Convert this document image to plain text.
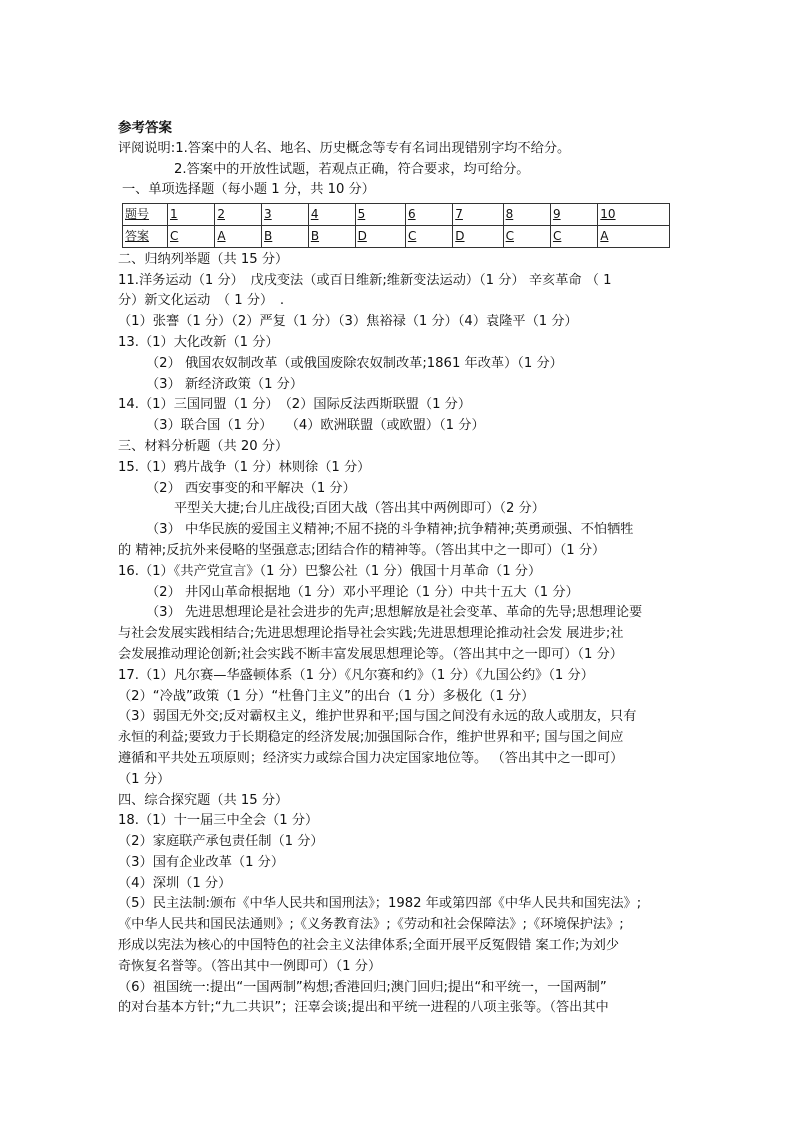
参考答案
评阅说明:1.答案中的人名、地名、历史概念等专有名词出现错别字均不给分。
2.答案中的开放性试题，若观点正确，符合要求，均可给分。
一、单项选择题（每小题 1 分，共 10 分）
题号	1	2	3	4	5	6	7	8	9	10
答案	C	A	B	B	D	C	D	C	C	A
二、归纳列举题（共 15 分）
11.洋务运动（1 分）　戊戌变法（或百日维新;维新变法运动）（1 分） 辛亥革命 （ 1
分）新文化运动　（ 1 分）　.
（1）张謇（1 分）（2）严复（1 分）（3）焦裕禄（1 分）（4）袁隆平（1 分）
13.（1）大化改新（1 分）
（2） 俄国农奴制改革（或俄国废除农奴制改革;1861 年改革）（1 分）
（3） 新经济政策（1 分）
14.（1）三国同盟（1 分）　（2）国际反法西斯联盟（1 分）
（3）联合国（1 分）　　（4）欧洲联盟（或欧盟）（1 分）
三、材料分析题（共 20 分）
15.（1）鸦片战争（1 分）林则徐（1 分）
（2） 西安事变的和平解决（1 分）
平型关大捷;台儿庄战役;百团大战（答出其中两例即可）（2 分）
（3） 中华民族的爱国主义精神;不屈不挠的斗争精神;抗争精神;英勇顽强、不怕牺牲
的 精神;反抗外来侵略的坚强意志;团结合作的精神等。（答出其中之一即可）（1 分）
16.（1）《共产党宣言》（1 分）巴黎公社（1 分）俄国十月革命（1 分）
（2） 井冈山革命根据地（1 分）邓小平理论（1 分）中共十五大（1 分）
（3） 先进思想理论是社会进步的先声;思想解放是社会变革、革命的先导;思想理论要
与社会发展实践相结合;先进思想理论指导社会实践;先进思想理论推动社会发 展进步;社
会发展推动理论创新;社会实践不断丰富发展思想理论等。（答出其中之一即可）（1 分）
17.（1）凡尔赛—华盛顿体系（1 分）《凡尔赛和约》（1 分）《九国公约》（1 分）
（2）“冷战”政策（1 分）“杜鲁门主义”的出台（1 分）多极化（1 分）
（3）弱国无外交;反对霸权主义，维护世界和平;国与国之间没有永远的敌人或朋友，只有
永恒的利益;要致力于长期稳定的经济发展;加强国际合作，维护世界和平; 国与国之间应
遵循和平共处五项原则；经济实力或综合国力决定国家地位等。 （答出其中之一即可）
（1 分）
四、综合探究题（共 15 分）
18.（1）十一届三中全会（1 分）
（2）家庭联产承包责任制（1 分）
（3）国有企业改革（1 分）
（4）深圳（1 分）
（5）民主法制:颁布《中华人民共和国刑法》；1982 年或第四部《中华人民共和国宪法》;
《中华人民共和国民法通则》;《义务教育法》;《劳动和社会保障法》;《环境保护法》;
形成以宪法为核心的中国特色的社会主义法律体系;全面开展平反冤假错 案工作;为刘少
奇恢复名誉等。（答出其中一例即可）（1 分）
（6）祖国统一:提出“一国两制”构想;香港回归;澳门回归;提出“和平统一，一国两制”
的对台基本方针;“九二共识”；汪辜会谈;提出和平统一进程的八项主张等。（答出其中
